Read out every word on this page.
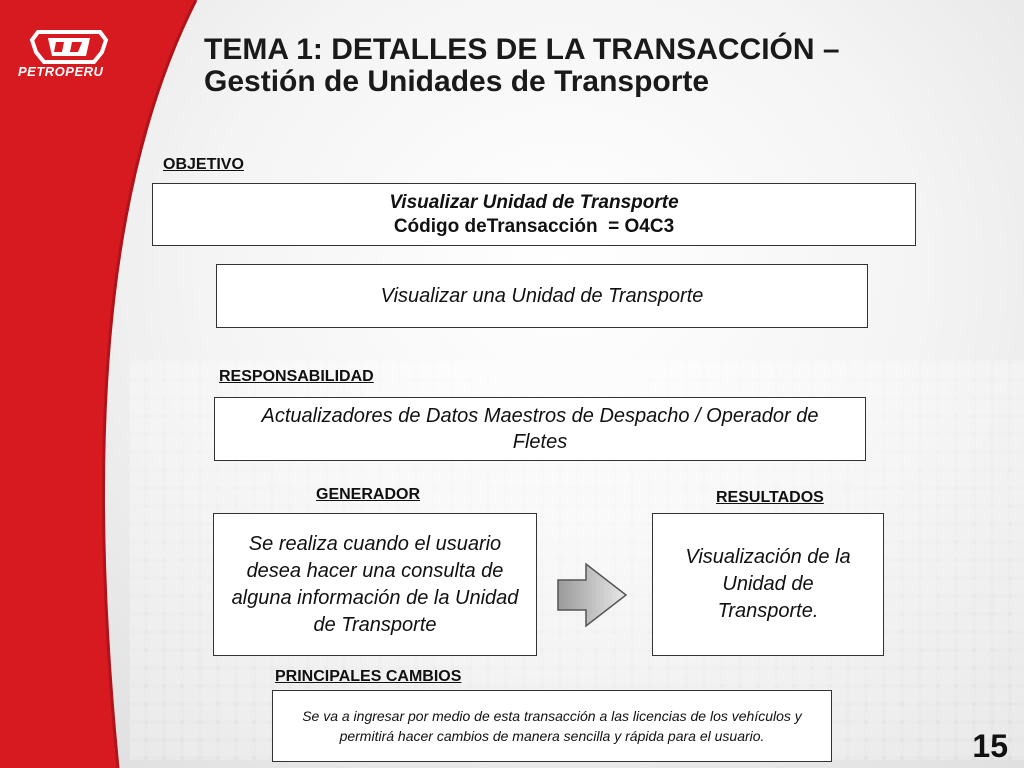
PETROPERU
TEMA 1: DETALLES DE LA TRANSACCIÓN – Gestión de Unidades de Transporte
OBJETIVO
Visualizar Unidad de Transporte
Código deTransacción  = O4C3
Visualizar una Unidad de Transporte
RESPONSABILIDAD
Actualizadores de Datos Maestros de Despacho / Operador de Fletes
GENERADOR
Se realiza cuando el usuario desea hacer una consulta de alguna información de la Unidad de Transporte
RESULTADOS
Visualización de la Unidad de Transporte.
PRINCIPALES CAMBIOS
Se va a ingresar por medio de esta transacción a las licencias de los vehículos y permitirá hacer cambios de manera sencilla y rápida para el usuario.	15
